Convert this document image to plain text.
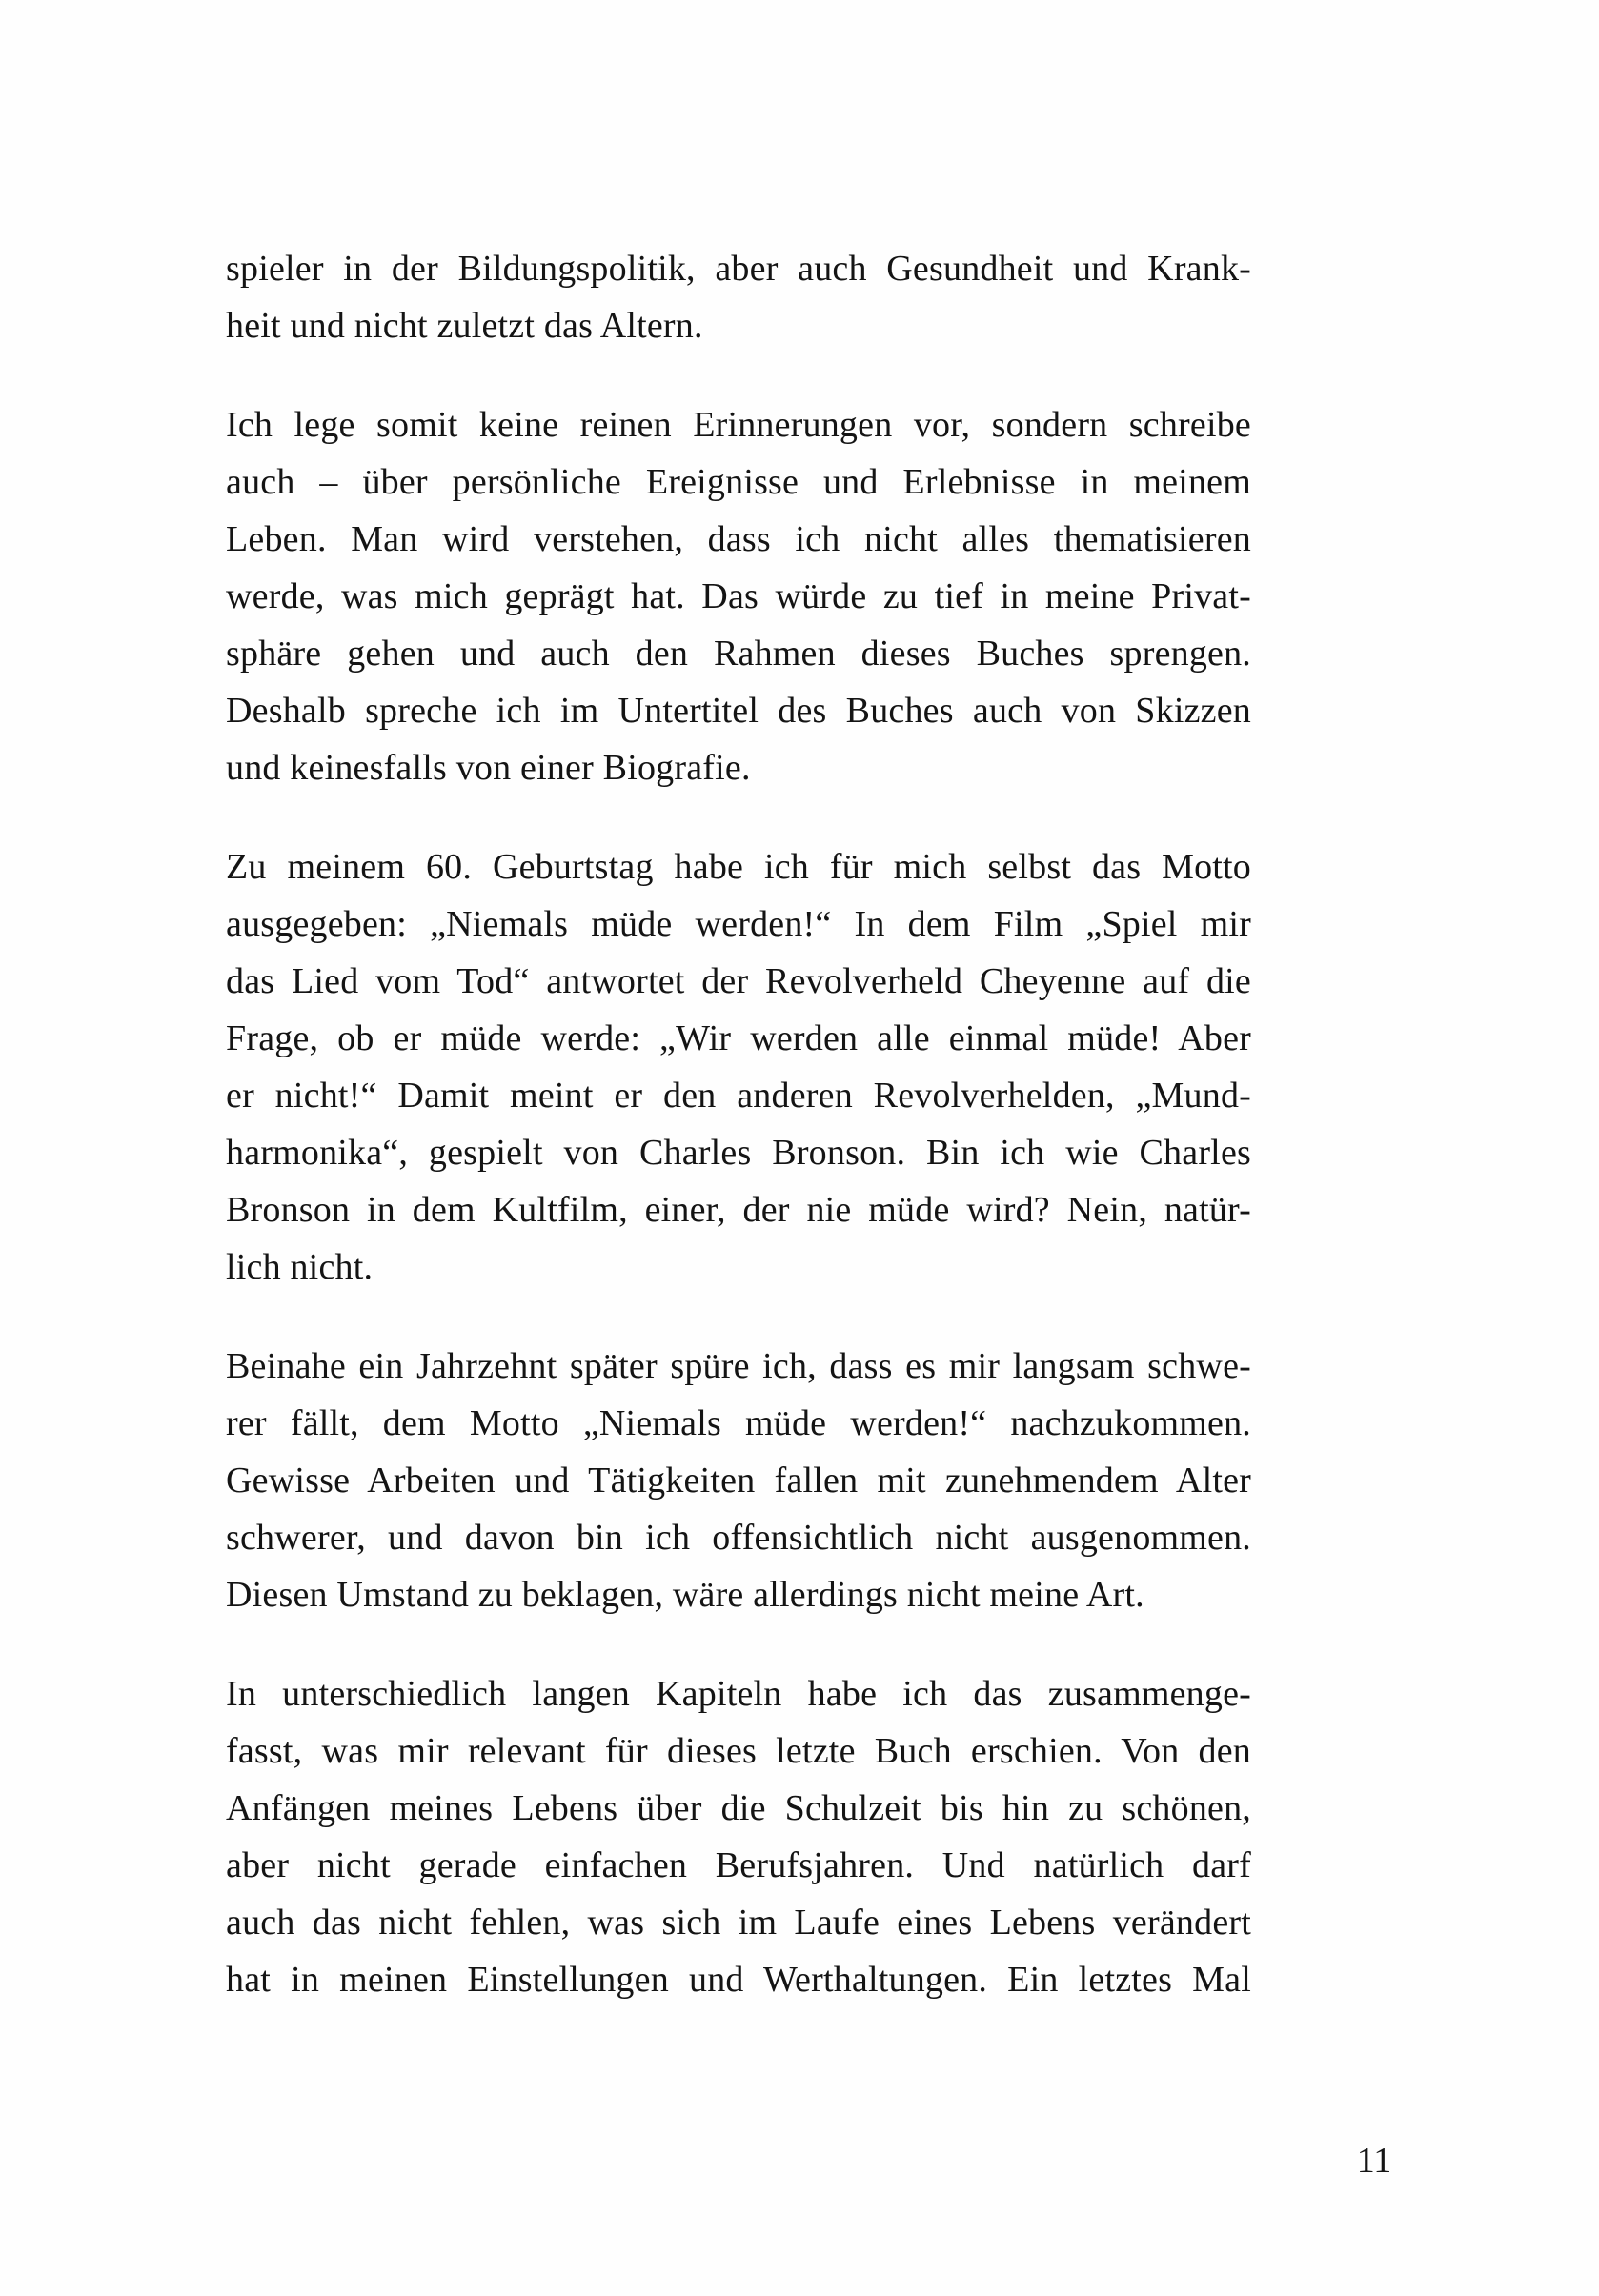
spieler in der Bildungspolitik, aber auch Gesundheit und Krank-
heit und nicht zuletzt das Altern.

Ich lege somit keine reinen Erinnerungen vor, sondern schreibe
auch – über persönliche Ereignisse und Erlebnisse in meinem
Leben. Man wird verstehen, dass ich nicht alles thematisieren
werde, was mich geprägt hat. Das würde zu tief in meine Privat-
sphäre gehen und auch den Rahmen dieses Buches sprengen.
Deshalb spreche ich im Untertitel des Buches auch von Skizzen
und keinesfalls von einer Biografie.

Zu meinem 60. Geburtstag habe ich für mich selbst das Motto
ausgegeben: „Niemals müde werden!“ In dem Film „Spiel mir
das Lied vom Tod“ antwortet der Revolverheld Cheyenne auf die
Frage, ob er müde werde: „Wir werden alle einmal müde! Aber
er nicht!“ Damit meint er den anderen Revolverhelden, „Mund-
harmonika“, gespielt von Charles Bronson. Bin ich wie Charles
Bronson in dem Kultfilm, einer, der nie müde wird? Nein, natür-
lich nicht.

Beinahe ein Jahrzehnt später spüre ich, dass es mir langsam schwe-
rer fällt, dem Motto „Niemals müde werden!“ nachzukommen.
Gewisse Arbeiten und Tätigkeiten fallen mit zunehmendem Alter
schwerer, und davon bin ich offensichtlich nicht ausgenommen.
Diesen Umstand zu beklagen, wäre allerdings nicht meine Art.

In unterschiedlich langen Kapiteln habe ich das zusammenge-
fasst, was mir relevant für dieses letzte Buch erschien. Von den
Anfängen meines Lebens über die Schulzeit bis hin zu schönen,
aber nicht gerade einfachen Berufsjahren. Und natürlich darf
auch das nicht fehlen, was sich im Laufe eines Lebens verändert
hat in meinen Einstellungen und Werthaltungen. Ein letztes Mal

11
